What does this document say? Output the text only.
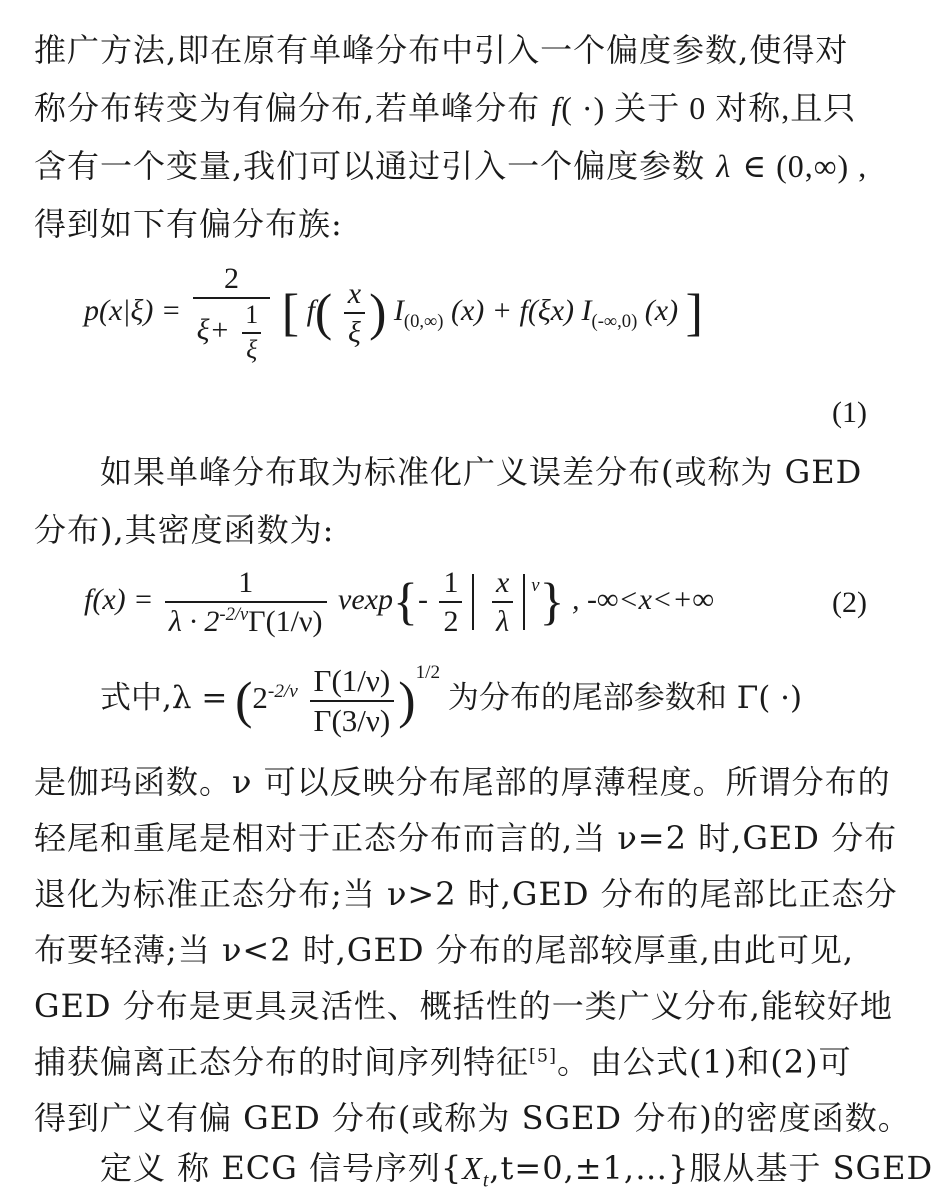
推广方法,即在原有单峰分布中引入一个偏度参数,使得对
称分布转变为有偏分布,若单峰分布 f( ·) 关于 0 对称,且只
含有一个变量,我们可以通过引入一个偏度参数 λ ∈ (0,∞) ,
得到如下有偏分布族:
$p(x|\xi) = \frac{2}{\xi+ \frac{1}{\xi}}$ [ $f( \frac{x}{\xi}$ ) $I_{(0,\infty)}$ (x) + f(ξx) $I_{(-\infty,0)}$ (x) ]
(1)
如果单峰分布取为标准化广义误差分布(或称为 GED
分布),其密度函数为:
$f(x) = \frac{1}{\lambda \cdot 2^{-2/\nu}\Gamma(1/\nu)} \nu\exp\{- \frac{1}{2}$
$\frac{x}{\lambda} ^\nu$} , -∞<x<+∞	(2)
式中$,\lambda = (2^{-2/\nu} \frac{\Gamma(1/\nu)}{\Gamma(3/\nu)} )^{1/2}$ 为分布的尾部参数和 Γ( ·)
是伽玛函数。ν 可以反映分布尾部的厚薄程度。所谓分布的
轻尾和重尾是相对于正态分布而言的,当 ν=2 时,GED 分布
退化为标准正态分布;当 ν>2 时,GED 分布的尾部比正态分
布要轻薄;当 ν<2 时,GED 分布的尾部较厚重,由此可见,
GED 分布是更具灵活性、概括性的一类广义分布,能较好地
捕获偏离正态分布的时间序列特征[5]。由公式(1)和(2)可
得到广义有偏 GED 分布(或称为 SGED 分布)的密度函数。
定义 称 ECG 信号序列$\{X_t,t=0,\pm 1,\dots\}$服从基于 SGED
